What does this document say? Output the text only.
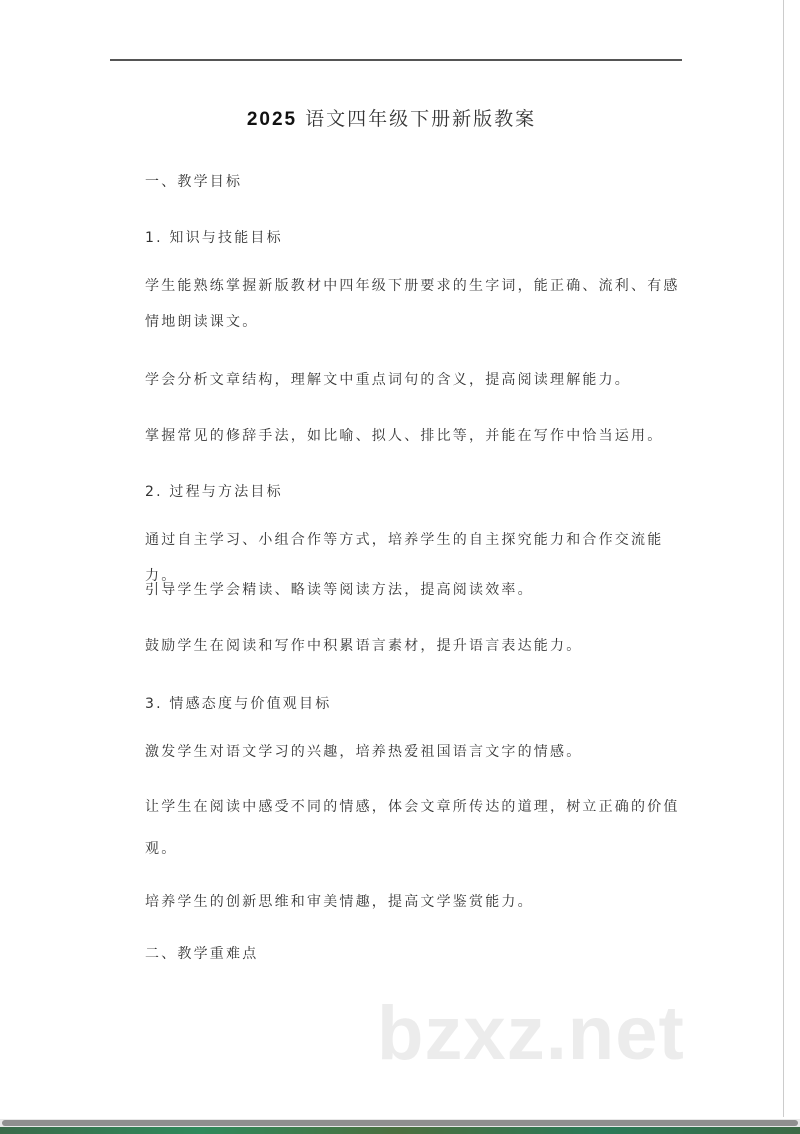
2025 语文四年级下册新版教案
一、教学目标
1. 知识与技能目标
学生能熟练掌握新版教材中四年级下册要求的生字词，能正确、流利、有感情地朗读课文。
学会分析文章结构，理解文中重点词句的含义，提高阅读理解能力。
掌握常见的修辞手法，如比喻、拟人、排比等，并能在写作中恰当运用。
2. 过程与方法目标
通过自主学习、小组合作等方式，培养学生的自主探究能力和合作交流能力。
引导学生学会精读、略读等阅读方法，提高阅读效率。
鼓励学生在阅读和写作中积累语言素材，提升语言表达能力。
3. 情感态度与价值观目标
激发学生对语文学习的兴趣，培养热爱祖国语言文字的情感。
让学生在阅读中感受不同的情感，体会文章所传达的道理，树立正确的价值观。
培养学生的创新思维和审美情趣，提高文学鉴赏能力。
二、教学重难点
bzxz.net
